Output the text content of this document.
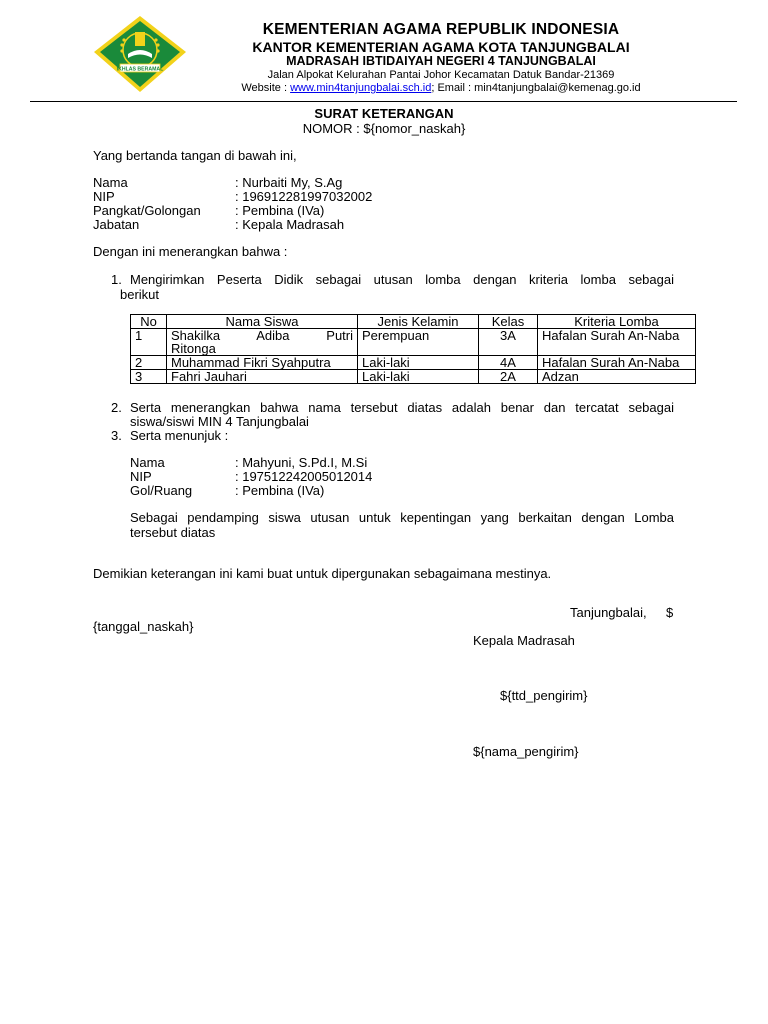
IKHLAS BERAMAL
KEMENTERIAN AGAMA REPUBLIK INDONESIA
KANTOR KEMENTERIAN AGAMA KOTA TANJUNGBALAI
MADRASAH IBTIDAIYAH NEGERI 4 TANJUNGBALAI
Jalan Alpokat Kelurahan Pantai Johor Kecamatan Datuk Bandar-21369
Website : www.min4tanjungbalai.sch.id; Email : min4tanjungbalai@kemenag.go.id
SURAT KETERANGAN
NOMOR : ${nomor_naskah}
Yang bertanda tangan di bawah ini,
Nama	: Nurbaiti My, S.Ag
NIP	: 196912281997032002
Pangkat/Golongan	: Pembina (IVa)
Jabatan	: Kepala Madrasah
Dengan ini menerangkan bahwa :
1. Mengirimkan Peserta Didik sebagai utusan lomba dengan kriteria lomba sebagai
berikut
No	Nama Siswa	Jenis Kelamin	Kelas	Kriteria Lomba
1	Shakilka Adiba Putri
Ritonga	Perempuan	3A	Hafalan Surah An-Naba
2	Muhammad Fikri Syahputra	Laki-laki	4A	Hafalan Surah An-Naba
3	Fahri Jauhari	Laki-laki	2A	Adzan
2. Serta menerangkan bahwa nama tersebut diatas adalah benar dan tercatat sebagai
siswa/siswi MIN 4 Tanjungbalai
3. Serta menunjuk :
Nama	: Mahyuni, S.Pd.I, M.Si
NIP	: 197512242005012014
Gol/Ruang	: Pembina (IVa)
Sebagai pendamping siswa utusan untuk kepentingan yang berkaitan dengan Lomba
tersebut diatas
Demikian keterangan ini kami buat untuk dipergunakan sebagaimana mestinya.
Tanjungbalai, $
{tanggal_naskah}
Kepala Madrasah
${ttd_pengirim}
${nama_pengirim}
